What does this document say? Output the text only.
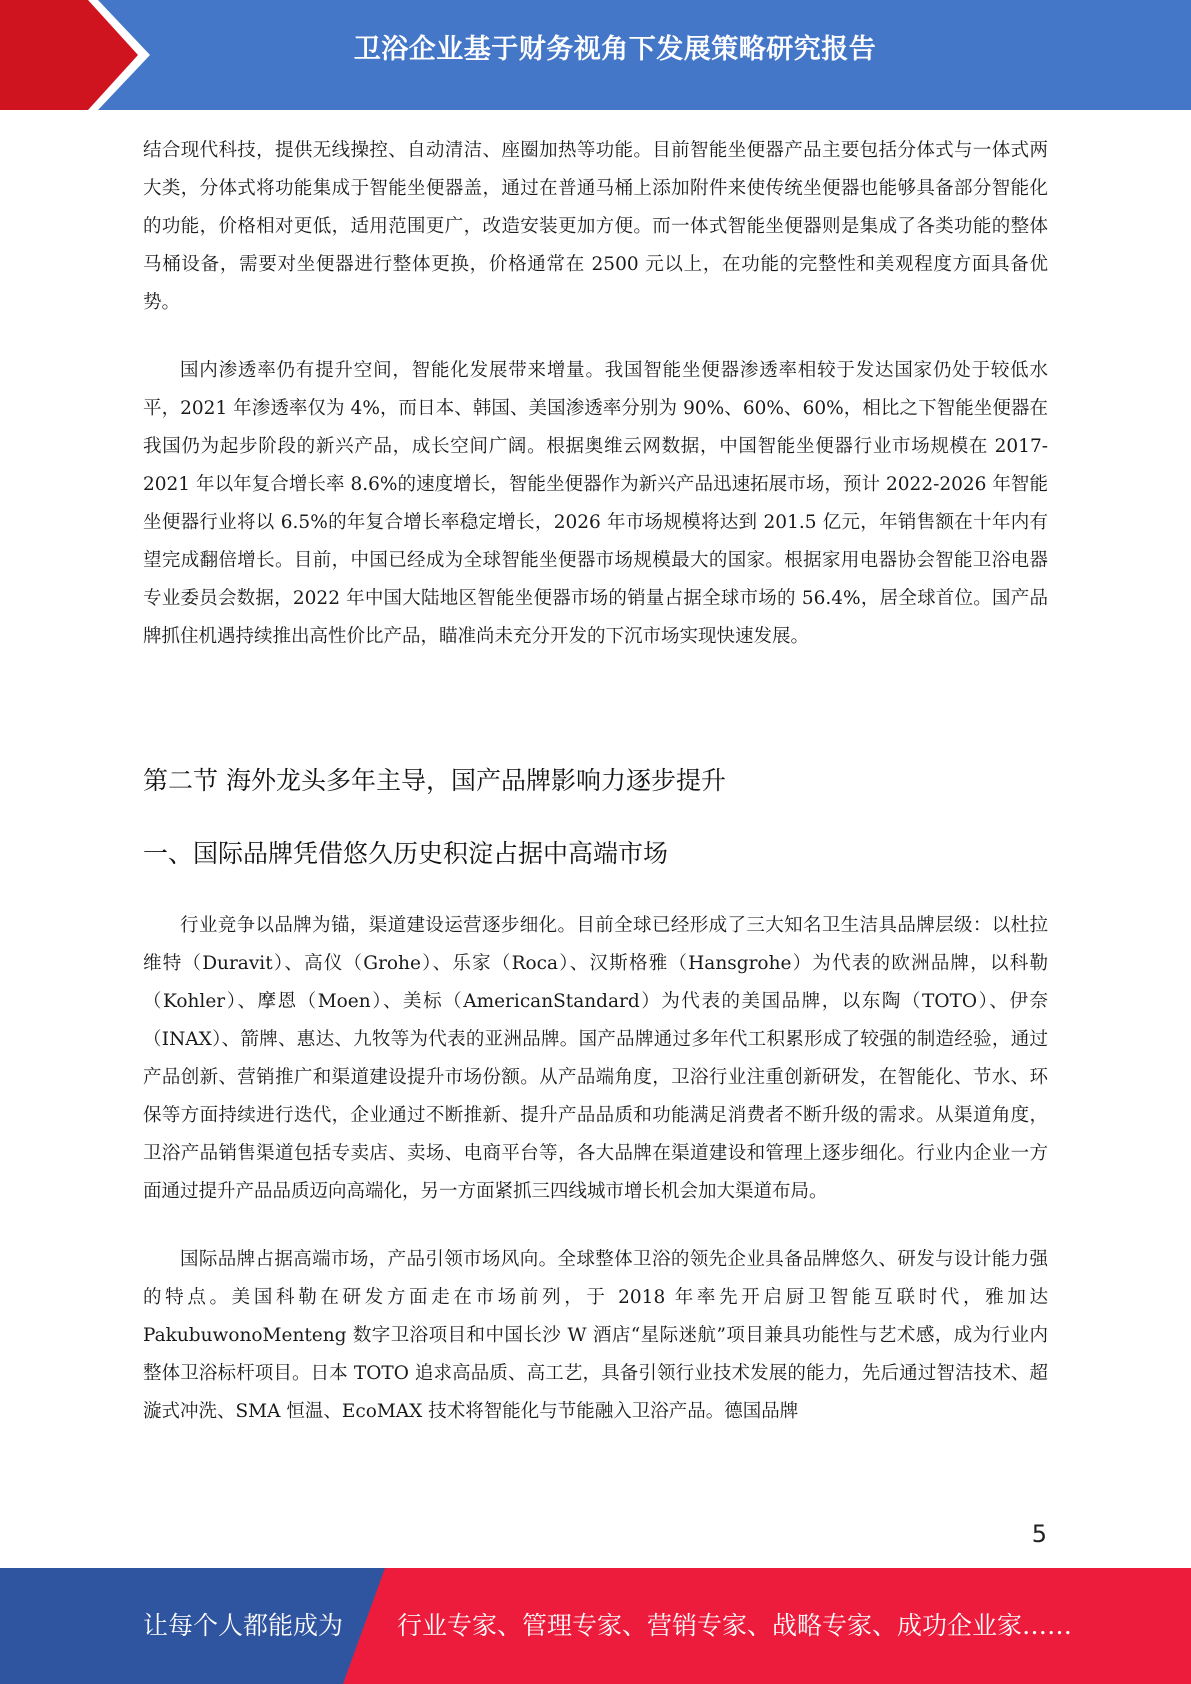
卫浴企业基于财务视角下发展策略研究报告

结合现代科技，提供无线操控、自动清洁、座圈加热等功能。目前智能坐便器产品主要包括分体式与一体式两大类，分体式将功能集成于智能坐便器盖，通过在普通马桶上添加附件来使传统坐便器也能够具备部分智能化的功能，价格相对更低，适用范围更广，改造安装更加方便。而一体式智能坐便器则是集成了各类功能的整体马桶设备，需要对坐便器进行整体更换，价格通常在 2500 元以上，在功能的完整性和美观程度方面具备优势。

国内渗透率仍有提升空间，智能化发展带来增量。我国智能坐便器渗透率相较于发达国家仍处于较低水平，2021 年渗透率仅为 4%，而日本、韩国、美国渗透率分别为 90%、60%、60%，相比之下智能坐便器在我国仍为起步阶段的新兴产品，成长空间广阔。根据奥维云网数据，中国智能坐便器行业市场规模在 2017-2021 年以年复合增长率 8.6%的速度增长，智能坐便器作为新兴产品迅速拓展市场，预计 2022-2026 年智能坐便器行业将以 6.5%的年复合增长率稳定增长，2026 年市场规模将达到 201.5 亿元，年销售额在十年内有望完成翻倍增长。目前，中国已经成为全球智能坐便器市场规模最大的国家。根据家用电器协会智能卫浴电器专业委员会数据，2022 年中国大陆地区智能坐便器市场的销量占据全球市场的 56.4%，居全球首位。国产品牌抓住机遇持续推出高性价比产品，瞄准尚未充分开发的下沉市场实现快速发展。

第二节 海外龙头多年主导，国产品牌影响力逐步提升
一、国际品牌凭借悠久历史积淀占据中高端市场

行业竞争以品牌为锚，渠道建设运营逐步细化。目前全球已经形成了三大知名卫生洁具品牌层级：以杜拉维特（Duravit）、高仪（Grohe）、乐家（Roca）、汉斯格雅（Hansgrohe）为代表的欧洲品牌，以科勒（Kohler）、摩恩（Moen）、美标（AmericanStandard）为代表的美国品牌，以东陶（TOTO）、伊奈（INAX）、箭牌、惠达、九牧等为代表的亚洲品牌。国产品牌通过多年代工积累形成了较强的制造经验，通过产品创新、营销推广和渠道建设提升市场份额。从产品端角度，卫浴行业注重创新研发，在智能化、节水、环保等方面持续进行迭代，企业通过不断推新、提升产品品质和功能满足消费者不断升级的需求。从渠道角度，卫浴产品销售渠道包括专卖店、卖场、电商平台等，各大品牌在渠道建设和管理上逐步细化。行业内企业一方面通过提升产品品质迈向高端化，另一方面紧抓三四线城市增长机会加大渠道布局。

国际品牌占据高端市场，产品引领市场风向。全球整体卫浴的领先企业具备品牌悠久、研发与设计能力强的特点。美国科勒在研发方面走在市场前列，于 2018 年率先开启厨卫智能互联时代，雅加达 PakubuwonoMenteng 数字卫浴项目和中国长沙 W 酒店“星际迷航”项目兼具功能性与艺术感，成为行业内整体卫浴标杆项目。日本 TOTO 追求高品质、高工艺，具备引领行业技术发展的能力，先后通过智洁技术、超漩式冲洗、SMA 恒温、EcoMAX 技术将智能化与节能融入卫浴产品。德国品牌

5
让每个人都能成为 行业专家、管理专家、营销专家、战略专家、成功企业家……
